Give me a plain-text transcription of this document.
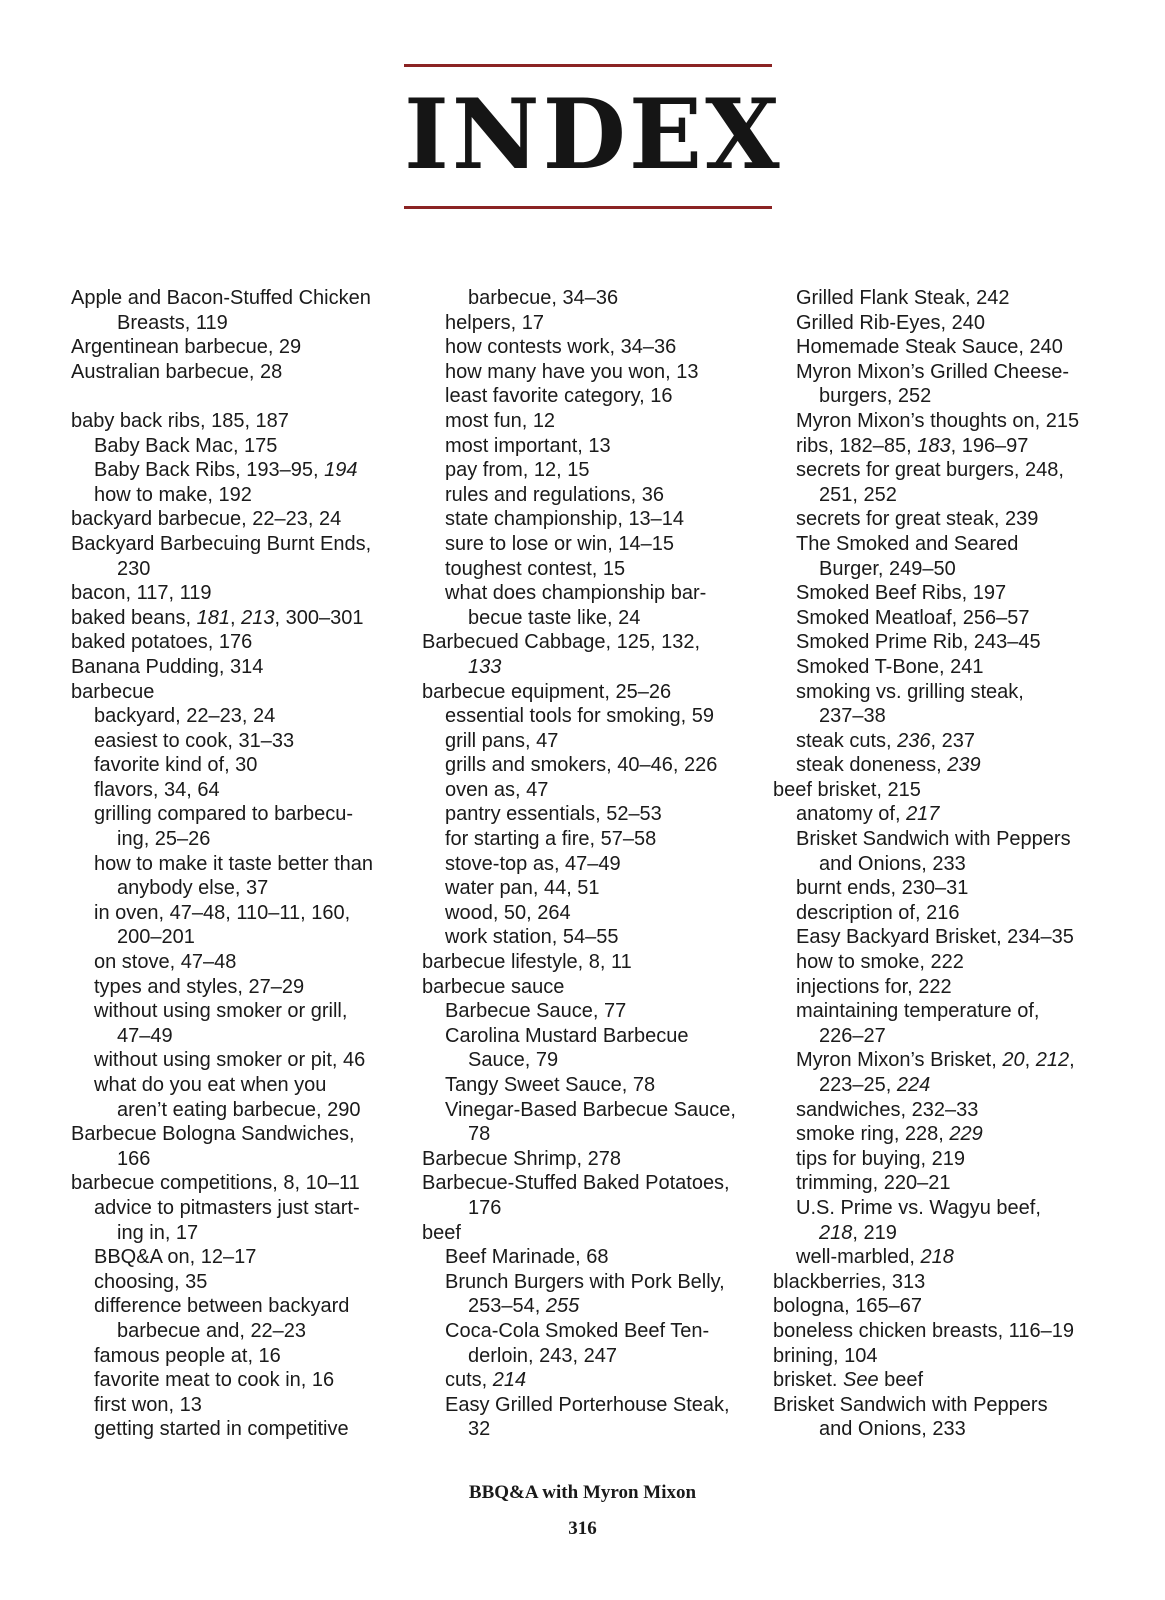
INDEX
Apple and Bacon-Stuffed Chicken
Breasts, 119
Argentinean barbecue, 29
Australian barbecue, 28
baby back ribs, 185, 187
Baby Back Mac, 175
Baby Back Ribs, 193–95, 194
how to make, 192
backyard barbecue, 22–23, 24
Backyard Barbecuing Burnt Ends,
230
bacon, 117, 119
baked beans, 181, 213, 300–301
baked potatoes, 176
Banana Pudding, 314
barbecue
backyard, 22–23, 24
easiest to cook, 31–33
favorite kind of, 30
flavors, 34, 64
grilling compared to barbecu-
ing, 25–26
how to make it taste better than
anybody else, 37
in oven, 47–48, 110–11, 160,
200–201
on stove, 47–48
types and styles, 27–29
without using smoker or grill,
47–49
without using smoker or pit, 46
what do you eat when you
aren’t eating barbecue, 290
Barbecue Bologna Sandwiches,
166
barbecue competitions, 8, 10–11
advice to pitmasters just start-
ing in, 17
BBQ&A on, 12–17
choosing, 35
difference between backyard
barbecue and, 22–23
famous people at, 16
favorite meat to cook in, 16
first won, 13
getting started in competitive
barbecue, 34–36
helpers, 17
how contests work, 34–36
how many have you won, 13
least favorite category, 16
most fun, 12
most important, 13
pay from, 12, 15
rules and regulations, 36
state championship, 13–14
sure to lose or win, 14–15
toughest contest, 15
what does championship bar-
becue taste like, 24
Barbecued Cabbage, 125, 132,
133
barbecue equipment, 25–26
essential tools for smoking, 59
grill pans, 47
grills and smokers, 40–46, 226
oven as, 47
pantry essentials, 52–53
for starting a fire, 57–58
stove-top as, 47–49
water pan, 44, 51
wood, 50, 264
work station, 54–55
barbecue lifestyle, 8, 11
barbecue sauce
Barbecue Sauce, 77
Carolina Mustard Barbecue
Sauce, 79
Tangy Sweet Sauce, 78
Vinegar-Based Barbecue Sauce,
78
Barbecue Shrimp, 278
Barbecue-Stuffed Baked Potatoes,
176
beef
Beef Marinade, 68
Brunch Burgers with Pork Belly,
253–54, 255
Coca-Cola Smoked Beef Ten-
derloin, 243, 247
cuts, 214
Easy Grilled Porterhouse Steak,
32
Grilled Flank Steak, 242
Grilled Rib-Eyes, 240
Homemade Steak Sauce, 240
Myron Mixon’s Grilled Cheese-
burgers, 252
Myron Mixon’s thoughts on, 215
ribs, 182–85, 183, 196–97
secrets for great burgers, 248,
251, 252
secrets for great steak, 239
The Smoked and Seared
Burger, 249–50
Smoked Beef Ribs, 197
Smoked Meatloaf, 256–57
Smoked Prime Rib, 243–45
Smoked T-Bone, 241
smoking vs. grilling steak,
237–38
steak cuts, 236, 237
steak doneness, 239
beef brisket, 215
anatomy of, 217
Brisket Sandwich with Peppers
and Onions, 233
burnt ends, 230–31
description of, 216
Easy Backyard Brisket, 234–35
how to smoke, 222
injections for, 222
maintaining temperature of,
226–27
Myron Mixon’s Brisket, 20, 212,
223–25, 224
sandwiches, 232–33
smoke ring, 228, 229
tips for buying, 219
trimming, 220–21
U.S. Prime vs. Wagyu beef,
218, 219
well-marbled, 218
blackberries, 313
bologna, 165–67
boneless chicken breasts, 116–19
brining, 104
brisket. See beef
Brisket Sandwich with Peppers
and Onions, 233
BBQ&A with Myron Mixon
316
